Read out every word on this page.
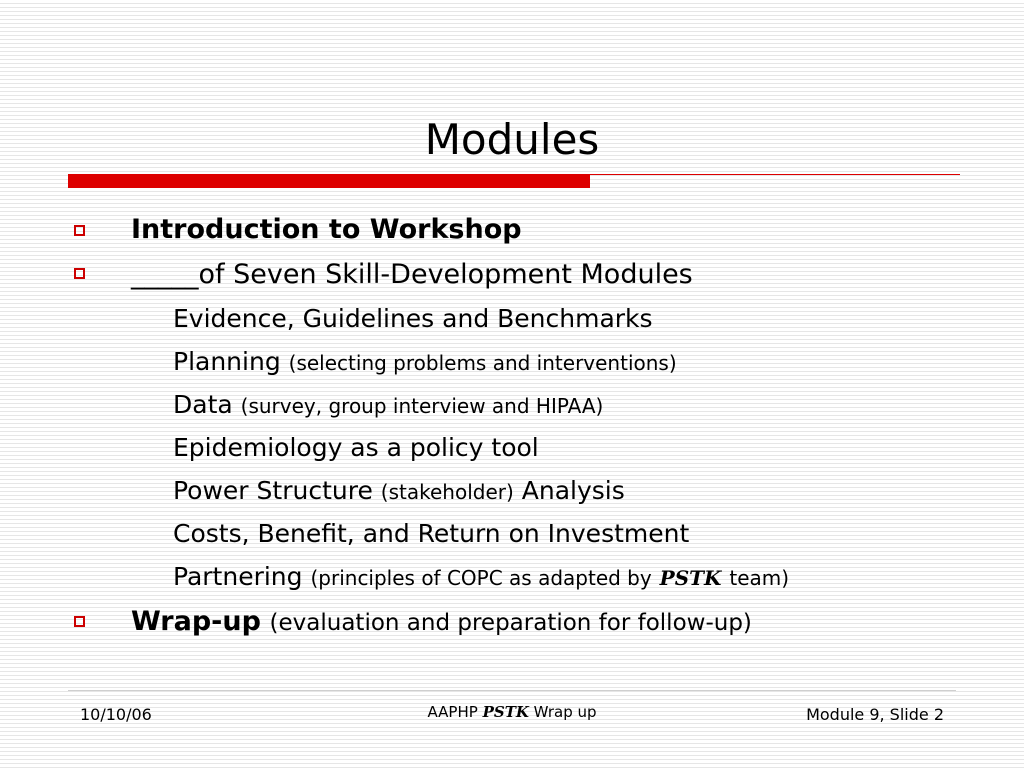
Modules
Introduction to Workshop
_____of Seven Skill-Development Modules
Evidence, Guidelines and Benchmarks
Planning (selecting problems and interventions)
Data (survey, group interview and HIPAA)
Epidemiology as a policy tool
Power Structure (stakeholder) Analysis
Costs, Benefit, and Return on Investment
Partnering (principles of COPC as adapted by PSTK team)
Wrap-up (evaluation and preparation for follow-up)
10/10/06	AAPHP PSTK Wrap up	Module 9, Slide 2
